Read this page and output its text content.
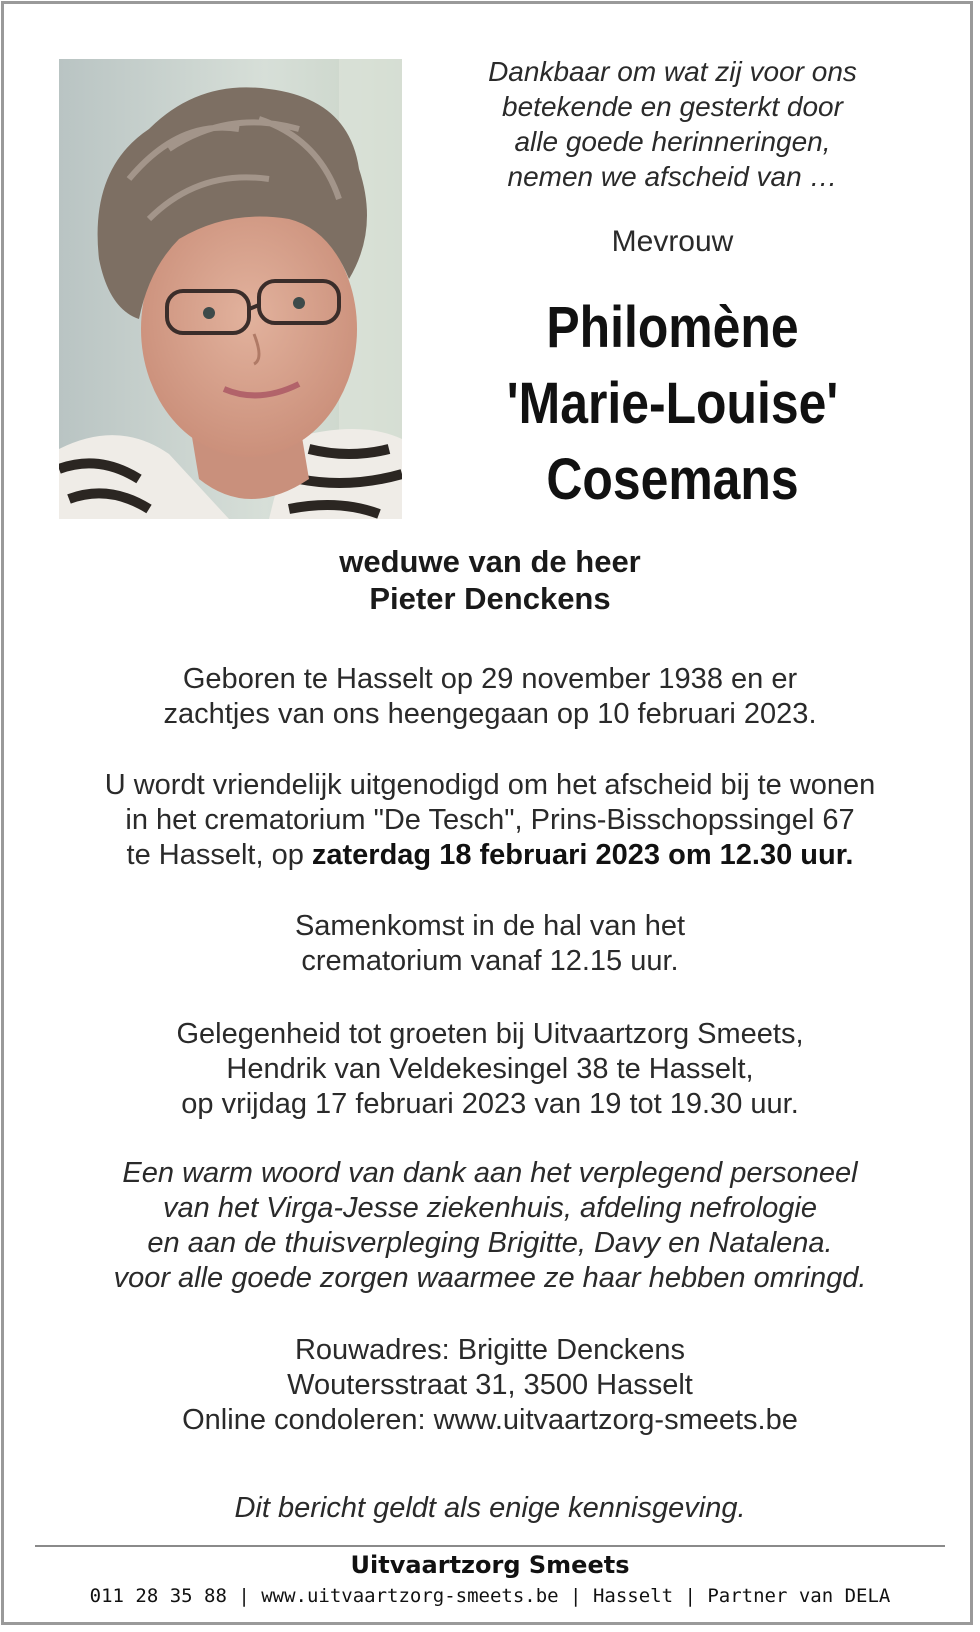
Dankbaar om wat zij voor ons
betekende en gesterkt door
alle goede herinneringen,
nemen we afscheid van …
Mevrouw
Philomène
'Marie-Louise'
Cosemans
weduwe van de heer
Pieter Denckens
Geboren te Hasselt op 29 november 1938 en er
zachtjes van ons heengegaan op 10 februari 2023.
U wordt vriendelijk uitgenodigd om het afscheid bij te wonen
in het crematorium "De Tesch", Prins-Bisschopssingel 67
te Hasselt, op zaterdag 18 februari 2023 om 12.30 uur.
Samenkomst in de hal van het
crematorium vanaf 12.15 uur.
Gelegenheid tot groeten bij Uitvaartzorg Smeets,
Hendrik van Veldekesingel 38 te Hasselt,
op vrijdag 17 februari 2023 van 19 tot 19.30 uur.
Een warm woord van dank aan het verplegend personeel
van het Virga-Jesse ziekenhuis, afdeling nefrologie
en aan de thuisverpleging Brigitte, Davy en Natalena.
voor alle goede zorgen waarmee ze haar hebben omringd.
Rouwadres: Brigitte Denckens
Woutersstraat 31, 3500 Hasselt
Online condoleren: www.uitvaartzorg-smeets.be
Dit bericht geldt als enige kennisgeving.
Uitvaartzorg Smeets
011 28 35 88 | www.uitvaartzorg-smeets.be | Hasselt | Partner van DELA
